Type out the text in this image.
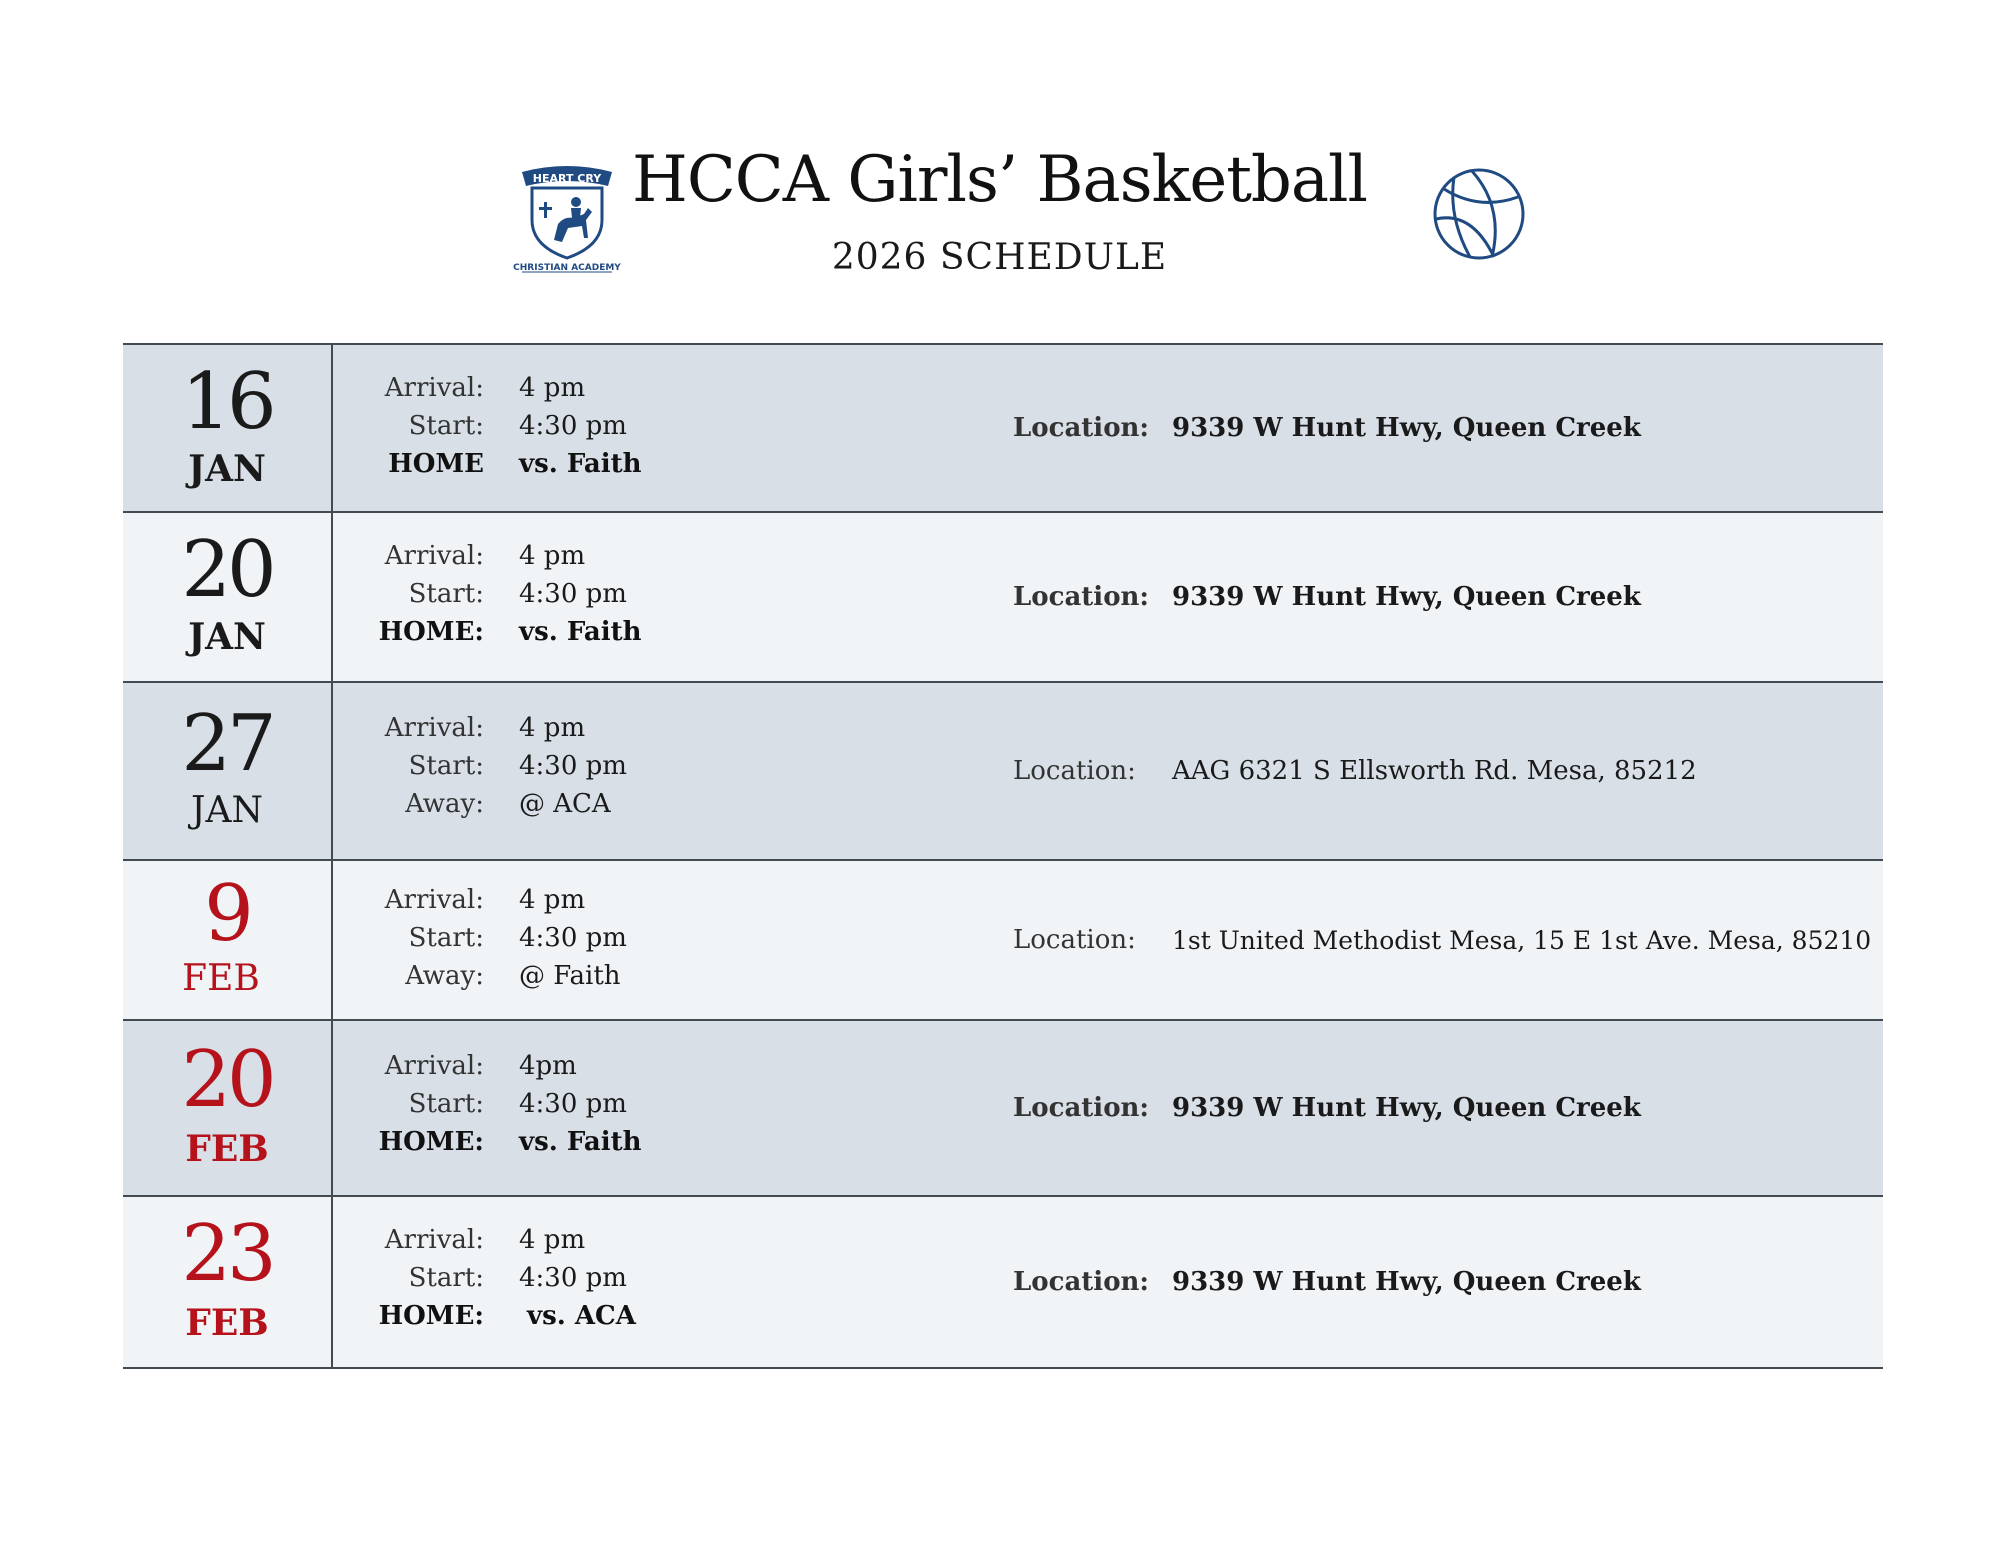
HEART CRY
CHRISTIAN ACADEMY
HCCA Girls’ Basketball
2026 SCHEDULE
16
JAN
Arrival: 4 pm
Start: 4:30 pm
HOME vs. Faith
Location: 9339 W Hunt Hwy, Queen Creek
20
JAN
Arrival: 4 pm
Start: 4:30 pm
HOME: vs. Faith
Location: 9339 W Hunt Hwy, Queen Creek
27
JAN
Arrival: 4 pm
Start: 4:30 pm
Away: @ ACA
Location: AAG 6321 S Ellsworth Rd. Mesa, 85212
9
FEB
Arrival: 4 pm
Start: 4:30 pm
Away: @ Faith
Location: 1st United Methodist Mesa, 15 E 1st Ave. Mesa, 85210
20
FEB
Arrival: 4pm
Start: 4:30 pm
HOME: vs. Faith
Location: 9339 W Hunt Hwy, Queen Creek
23
FEB
Arrival: 4 pm
Start: 4:30 pm
HOME: vs. ACA
Location: 9339 W Hunt Hwy, Queen Creek
